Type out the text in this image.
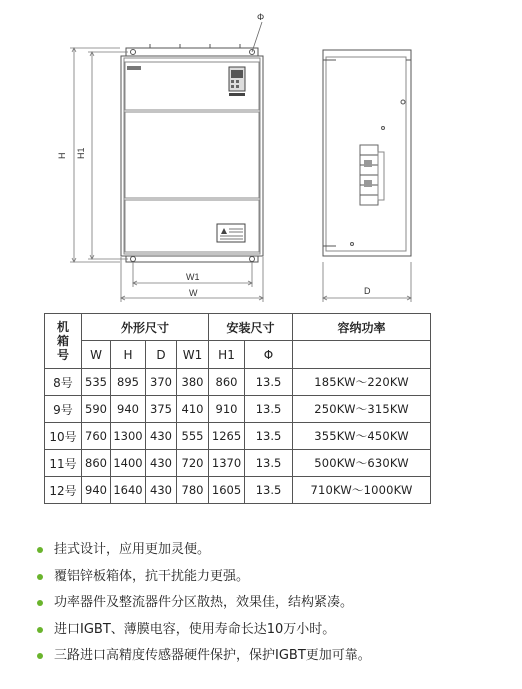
Φ
H H1
W1
W	D
机箱号	外形尺寸				安装尺寸		容纳功率
	W	H	D	W1	H1	Φ	
8号	535	895	370	380	860	13.5	185KW～220KW
9号	590	940	375	410	910	13.5	250KW～315KW
10号	760	1300	430	555	1265	13.5	355KW～450KW
11号	860	1400	430	720	1370	13.5	500KW～630KW
12号	940	1640	430	780	1605	13.5	710KW～1000KW
挂式设计，应用更加灵便。
覆铝锌板箱体，抗干扰能力更强。
功率器件及整流器件分区散热，效果佳，结构紧凑。
进口IGBT、薄膜电容，使用寿命长达10万小时。
三路进口高精度传感器硬件保护，保护IGBT更加可靠。
